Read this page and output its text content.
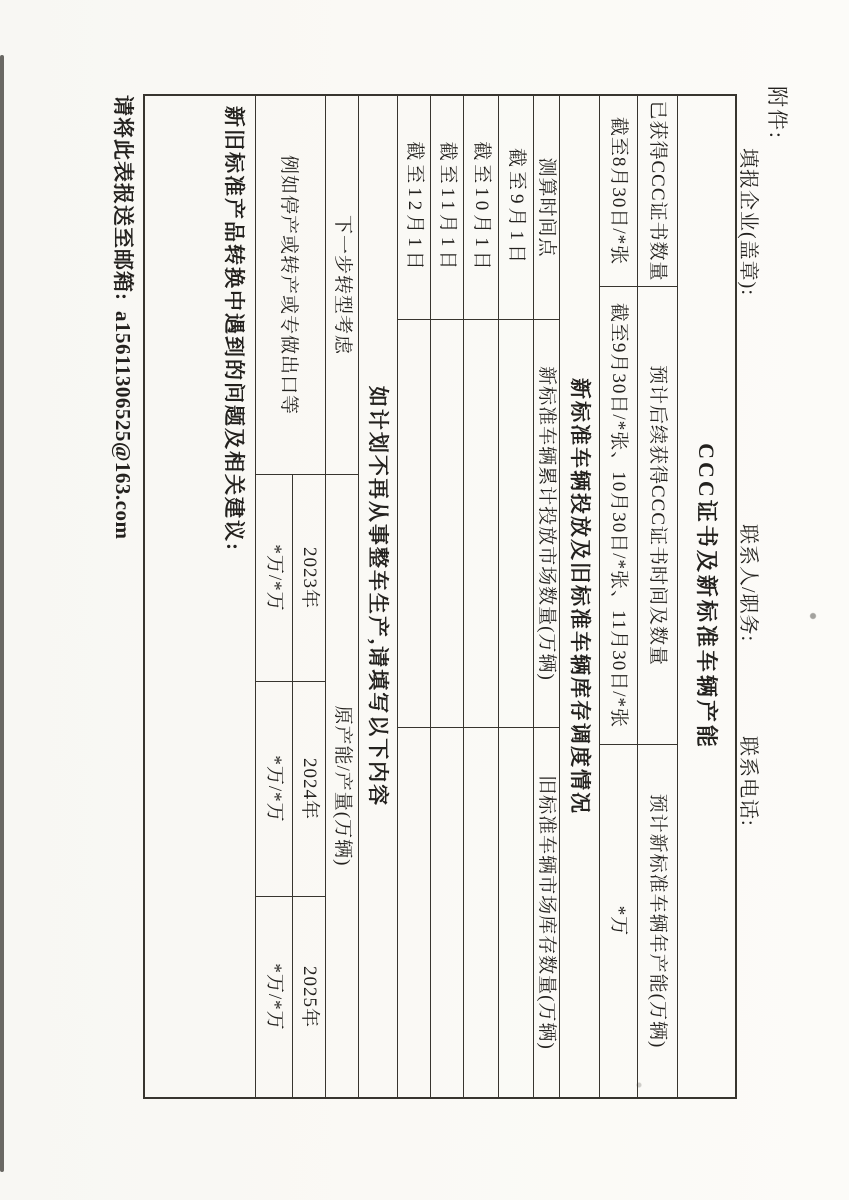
附件:
填报企业(盖章):
联系人/职务:
联系电话:
CCC证书及新标准车辆产能
已获得CCC证书数量
预计后续获得CCC证书时间及数量
预计新标准车辆年产能(万辆)
截至8月30日/*张
截至9月30日/*张、10月30日/*张、11月30日/*张
*万
新标准车辆投放及旧标准车辆库存调度情况
测算时间点
新标准车辆累计投放市场数量(万辆)
旧标准车辆市场库存数量(万辆)
截至9月1日
截至10月1日
截至11月1日
截至12月1日
如计划不再从事整车生产,请填写以下内容
下一步转型考虑
原产能/产量(万辆)
例如停产或转产或专做出口等
2023年
2024年
2025年
*万/*万
*万/*万
*万/*万
新旧标准产品转换中遇到的问题及相关建议:
请将此表报送至邮箱:a15611306525@163.com
